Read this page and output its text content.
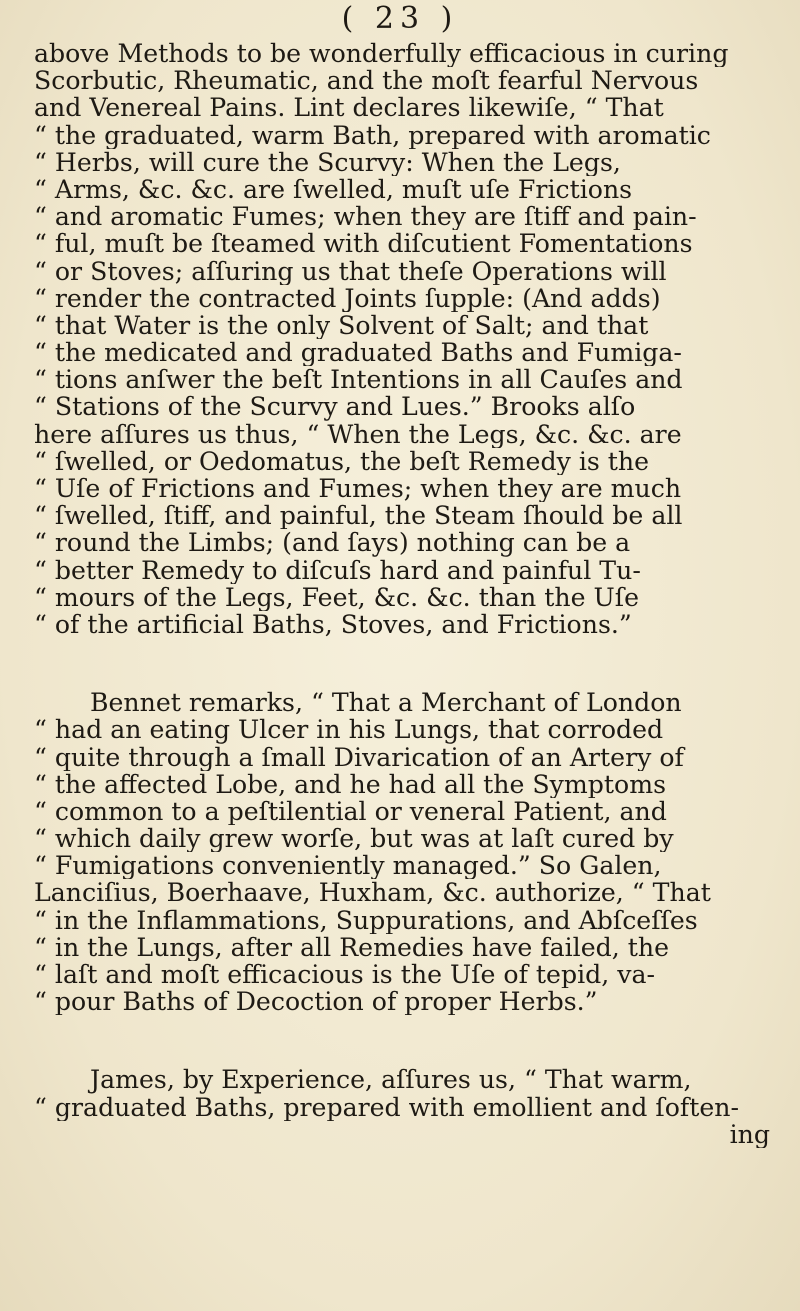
( 23 )
above Methods to be wonderfully efficacious in curing
Scorbutic, Rheumatic, and the moſt fearful Nervous
and Venereal Pains. Lint declares likewiſe, “ That
“ the graduated, warm Bath, prepared with aromatic
“ Herbs, will cure the Scurvy: When the Legs,
“ Arms, &c. &c. are ſwelled, muſt uſe Frictions
“ and aromatic Fumes; when they are ſtiff and pain-
“ ful, muſt be ſteamed with diſcutient Fomentations
“ or Stoves; aſſuring us that theſe Operations will
“ render the contracted Joints ſupple: (And adds)
“ that Water is the only Solvent of Salt; and that
“ the medicated and graduated Baths and Fumiga-
“ tions anſwer the beſt Intentions in all Cauſes and
“ Stations of the Scurvy and Lues.” Brooks alſo
here aſſures us thus, “ When the Legs, &c. &c. are
“ ſwelled, or Oedomatus, the beſt Remedy is the
“ Uſe of Frictions and Fumes; when they are much
“ ſwelled, ſtiff, and painful, the Steam ſhould be all
“ round the Limbs; (and ſays) nothing can be a
“ better Remedy to diſcuſs hard and painful Tu-
“ mours of the Legs, Feet, &c. &c. than the Uſe
“ of the artificial Baths, Stoves, and Frictions.”
Bennet remarks, “ That a Merchant of London
“ had an eating Ulcer in his Lungs, that corroded
“ quite through a ſmall Divarication of an Artery of
“ the affected Lobe, and he had all the Symptoms
“ common to a peſtilential or veneral Patient, and
“ which daily grew worſe, but was at laſt cured by
“ Fumigations conveniently managed.” So Galen,
Lanciſius, Boerhaave, Huxham, &c. authorize, “ That
“ in the Inflammations, Suppurations, and Abſceſſes
“ in the Lungs, after all Remedies have failed, the
“ laſt and moſt efficacious is the Uſe of tepid, va-
“ pour Baths of Decoction of proper Herbs.”
James, by Experience, aſſures us, “ That warm,
“ graduated Baths, prepared with emollient and ſoften-
ing
